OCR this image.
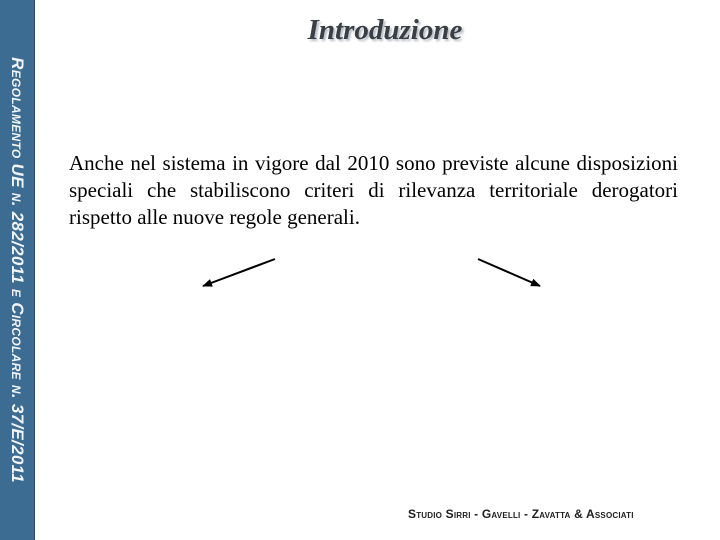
Regolamento UE n. 282/2011 e Circolare n. 37/E/2011
Introduzione
Anche nel sistema in vigore dal 2010 sono previste alcune disposizioni speciali che stabiliscono criteri di rilevanza territoriale derogatori rispetto alle nuove regole generali.
Studio Sirri - Gavelli - Zavatta & Associati
